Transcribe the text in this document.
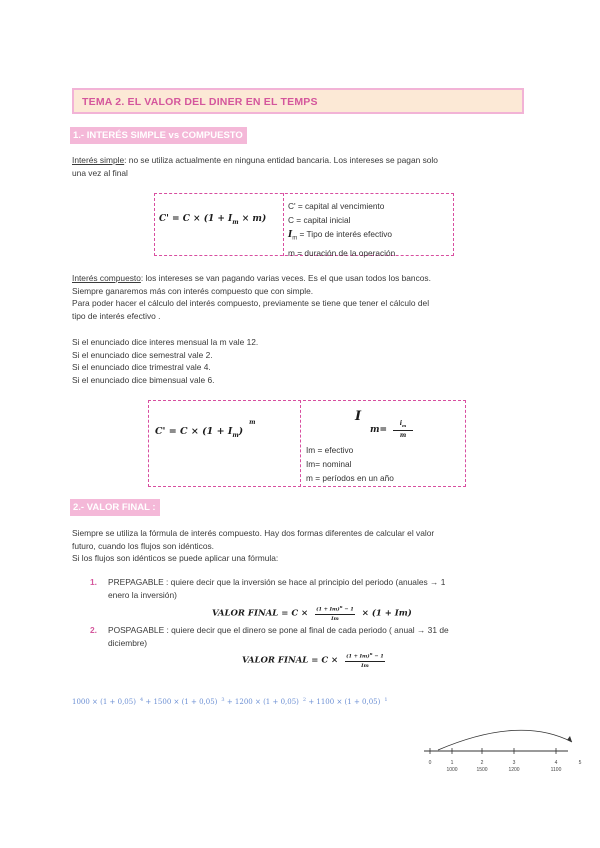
TEMA 2. EL VALOR DEL DINER EN EL TEMPS
1.- INTERÉS SIMPLE vs COMPUESTO
Interés simple: no se utiliza actualmente en ninguna entidad bancaria. Los intereses se pagan solo
una vez al final
$C' = C \times (1 + I_m \times m)$
C' = capital al vencimiento
C = capital inicial
$I_m$ = Tipo de interés efectivo
m = duración de la operación
Interés compuesto: los intereses se van pagando varias veces. Es el que usan todos los bancos.
Siempre ganaremos más con interés compuesto que con simple.
Para poder hacer el cálculo del interés compuesto, previamente se tiene que tener el cálculo del
tipo de interés efectivo .
Si el enunciado dice interes mensual la m vale 12.
Si el enunciado dice semestral vale 2.
Si el enunciado dice trimestral vale 4.
Si el enunciado dice bimensual vale 6.
$C' = C \times (1 + I_m)^m$	I
$m= \frac{i_m}{m}$
Im = efectivo
Im= nominal
m = períodos en un año
2.- VALOR FINAL :
Siempre se utiliza la fórmula de interés compuesto. Hay dos formas diferentes de calcular el valor
futuro, cuando los flujos son idénticos.
Si los flujos son idénticos se puede aplicar una fórmula:
1. PREPAGABLE : quiere decir que la inversión se hace al principio del periodo (anuales → 1
enero la inversión)
VALOR FINAL = $C \times \frac{(1 + Im)^n - 1}{Im} \times (1 + Im)$
2. POSPAGABLE : quiere decir que el dinero se pone al final de cada periodo ( anual → 31 de
diciembre)
VALOR FINAL = $C \times \frac{(1 + Im)^n - 1}{Im}$
1000 × (1 + 0,05) $^4$ + 1500 × (1 + 0,05) $^3$ + 1200 × (1 + 0,05) $^2$ + 1100 × (1 + 0,05) $^1$
0	1	2	3	4	5
1000	1500	1200	1100
